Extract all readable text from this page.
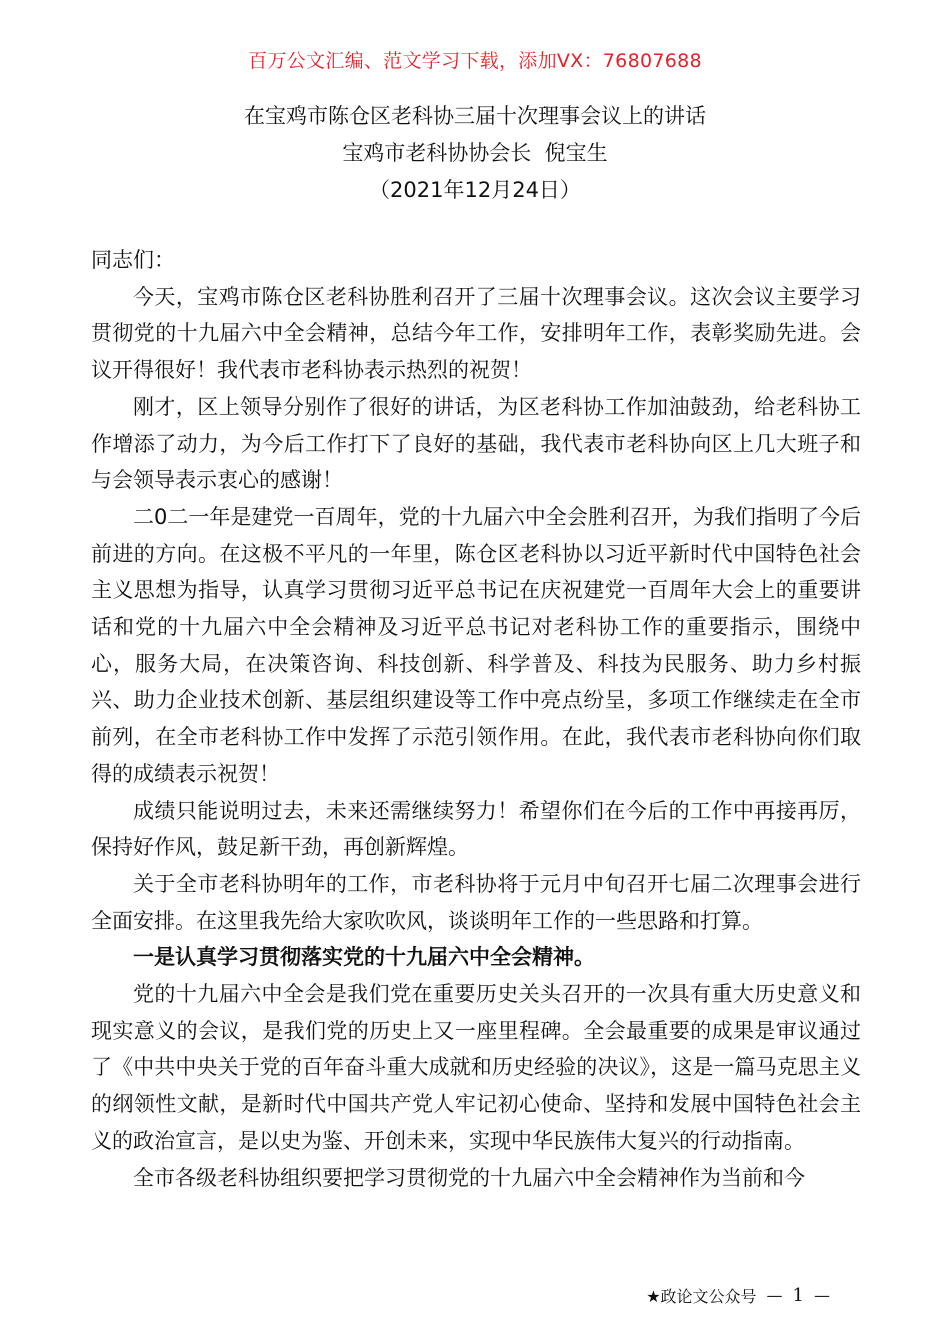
百万公文汇编、范文学习下载，添加VX：76807688
在宝鸡市陈仓区老科协三届十次理事会议上的讲话
宝鸡市老科协协会长  倪宝生
（2021年12月24日）

同志们：

今天，宝鸡市陈仓区老科协胜利召开了三届十次理事会议。这次会议主要学习贯彻党的十九届六中全会精神，总结今年工作，安排明年工作，表彰奖励先进。会议开得很好！我代表市老科协表示热烈的祝贺！

刚才，区上领导分别作了很好的讲话，为区老科协工作加油鼓劲，给老科协工作增添了动力，为今后工作打下了良好的基础，我代表市老科协向区上几大班子和与会领导表示衷心的感谢！

二0二一年是建党一百周年，党的十九届六中全会胜利召开，为我们指明了今后前进的方向。在这极不平凡的一年里，陈仓区老科协以习近平新时代中国特色社会主义思想为指导，认真学习贯彻习近平总书记在庆祝建党一百周年大会上的重要讲话和党的十九届六中全会精神及习近平总书记对老科协工作的重要指示，围绕中心，服务大局，在决策咨询、科技创新、科学普及、科技为民服务、助力乡村振兴、助力企业技术创新、基层组织建设等工作中亮点纷呈，多项工作继续走在全市前列，在全市老科协工作中发挥了示范引领作用。在此，我代表市老科协向你们取得的成绩表示祝贺！

成绩只能说明过去，未来还需继续努力！希望你们在今后的工作中再接再厉，保持好作风，鼓足新干劲，再创新辉煌。

关于全市老科协明年的工作，市老科协将于元月中旬召开七届二次理事会进行全面安排。在这里我先给大家吹吹风，谈谈明年工作的一些思路和打算。

一是认真学习贯彻落实党的十九届六中全会精神。

党的十九届六中全会是我们党在重要历史关头召开的一次具有重大历史意义和现实意义的会议，是我们党的历史上又一座里程碑。全会最重要的成果是审议通过了《中共中央关于党的百年奋斗重大成就和历史经验的决议》，这是一篇马克思主义的纲领性文献，是新时代中国共产党人牢记初心使命、坚持和发展中国特色社会主义的政治宣言，是以史为鉴、开创未来，实现中华民族伟大复兴的行动指南。

全市各级老科协组织要把学习贯彻党的十九届六中全会精神作为当前和今

★政论文公众号 — 1 —
